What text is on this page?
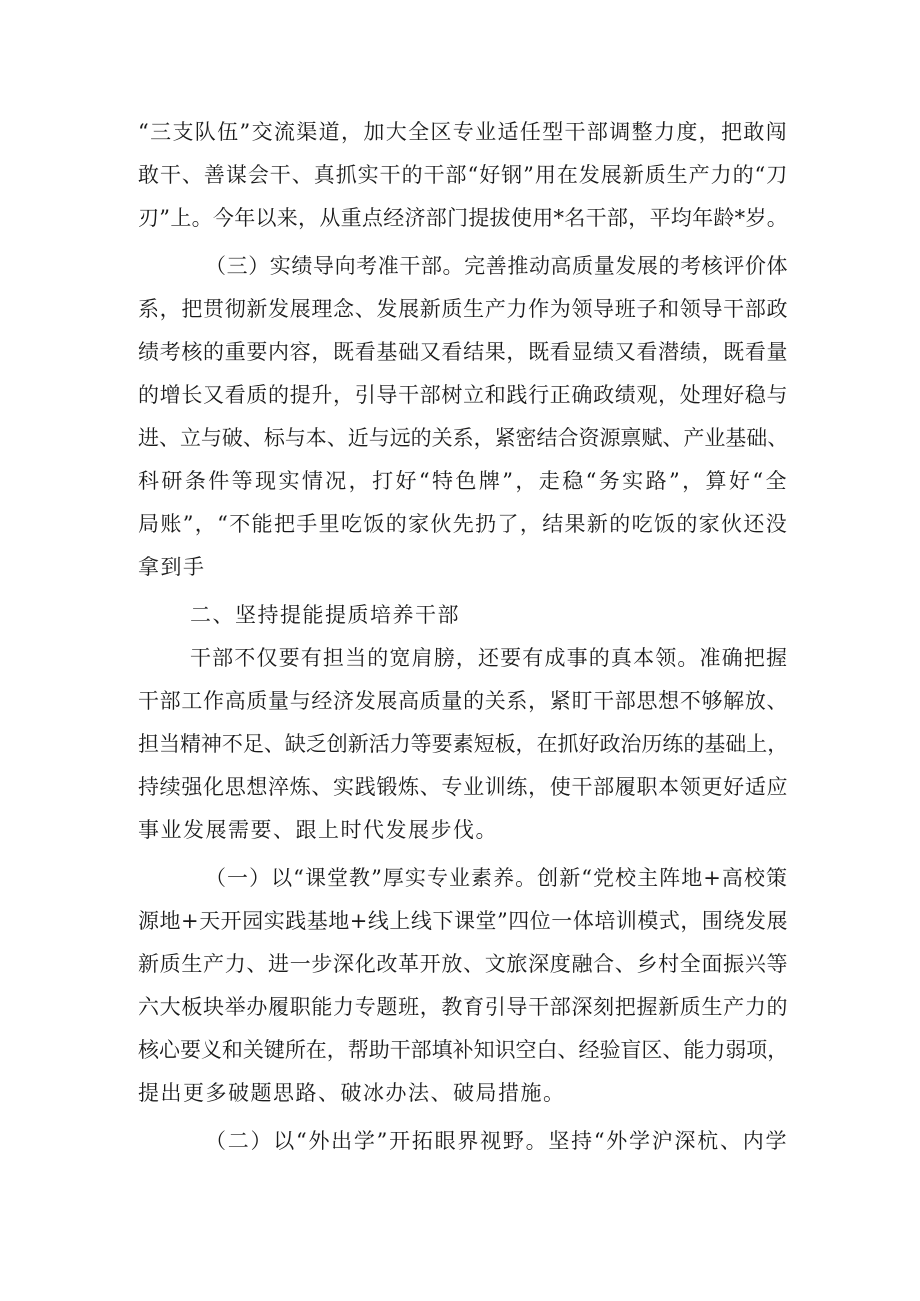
“三支队伍”交流渠道，加大全区专业适任型干部调整力度，把敢闯
敢干、善谋会干、真抓实干的干部“好钢”用在发展新质生产力的“刀
刃”上。今年以来，从重点经济部门提拔使用*名干部，平均年龄*岁。
（三）实绩导向考准干部。完善推动高质量发展的考核评价体
系，把贯彻新发展理念、发展新质生产力作为领导班子和领导干部政
绩考核的重要内容，既看基础又看结果，既看显绩又看潜绩，既看量
的增长又看质的提升，引导干部树立和践行正确政绩观，处理好稳与
进、立与破、标与本、近与远的关系，紧密结合资源禀赋、产业基础、
科研条件等现实情况，打好“特色牌”，走稳“务实路”，算好“全
局账”，“不能把手里吃饭的家伙先扔了，结果新的吃饭的家伙还没
拿到手
二、坚持提能提质培养干部
干部不仅要有担当的宽肩膀，还要有成事的真本领。准确把握
干部工作高质量与经济发展高质量的关系，紧盯干部思想不够解放、
担当精神不足、缺乏创新活力等要素短板，在抓好政治历练的基础上，
持续强化思想淬炼、实践锻炼、专业训练，使干部履职本领更好适应
事业发展需要、跟上时代发展步伐。
（一）以“课堂教”厚实专业素养。创新“党校主阵地+高校策
源地+天开园实践基地+线上线下课堂”四位一体培训模式，围绕发展
新质生产力、进一步深化改革开放、文旅深度融合、乡村全面振兴等
六大板块举办履职能力专题班，教育引导干部深刻把握新质生产力的
核心要义和关键所在，帮助干部填补知识空白、经验盲区、能力弱项，
提出更多破题思路、破冰办法、破局措施。
（二）以“外出学”开拓眼界视野。坚持“外学沪深杭、内学
